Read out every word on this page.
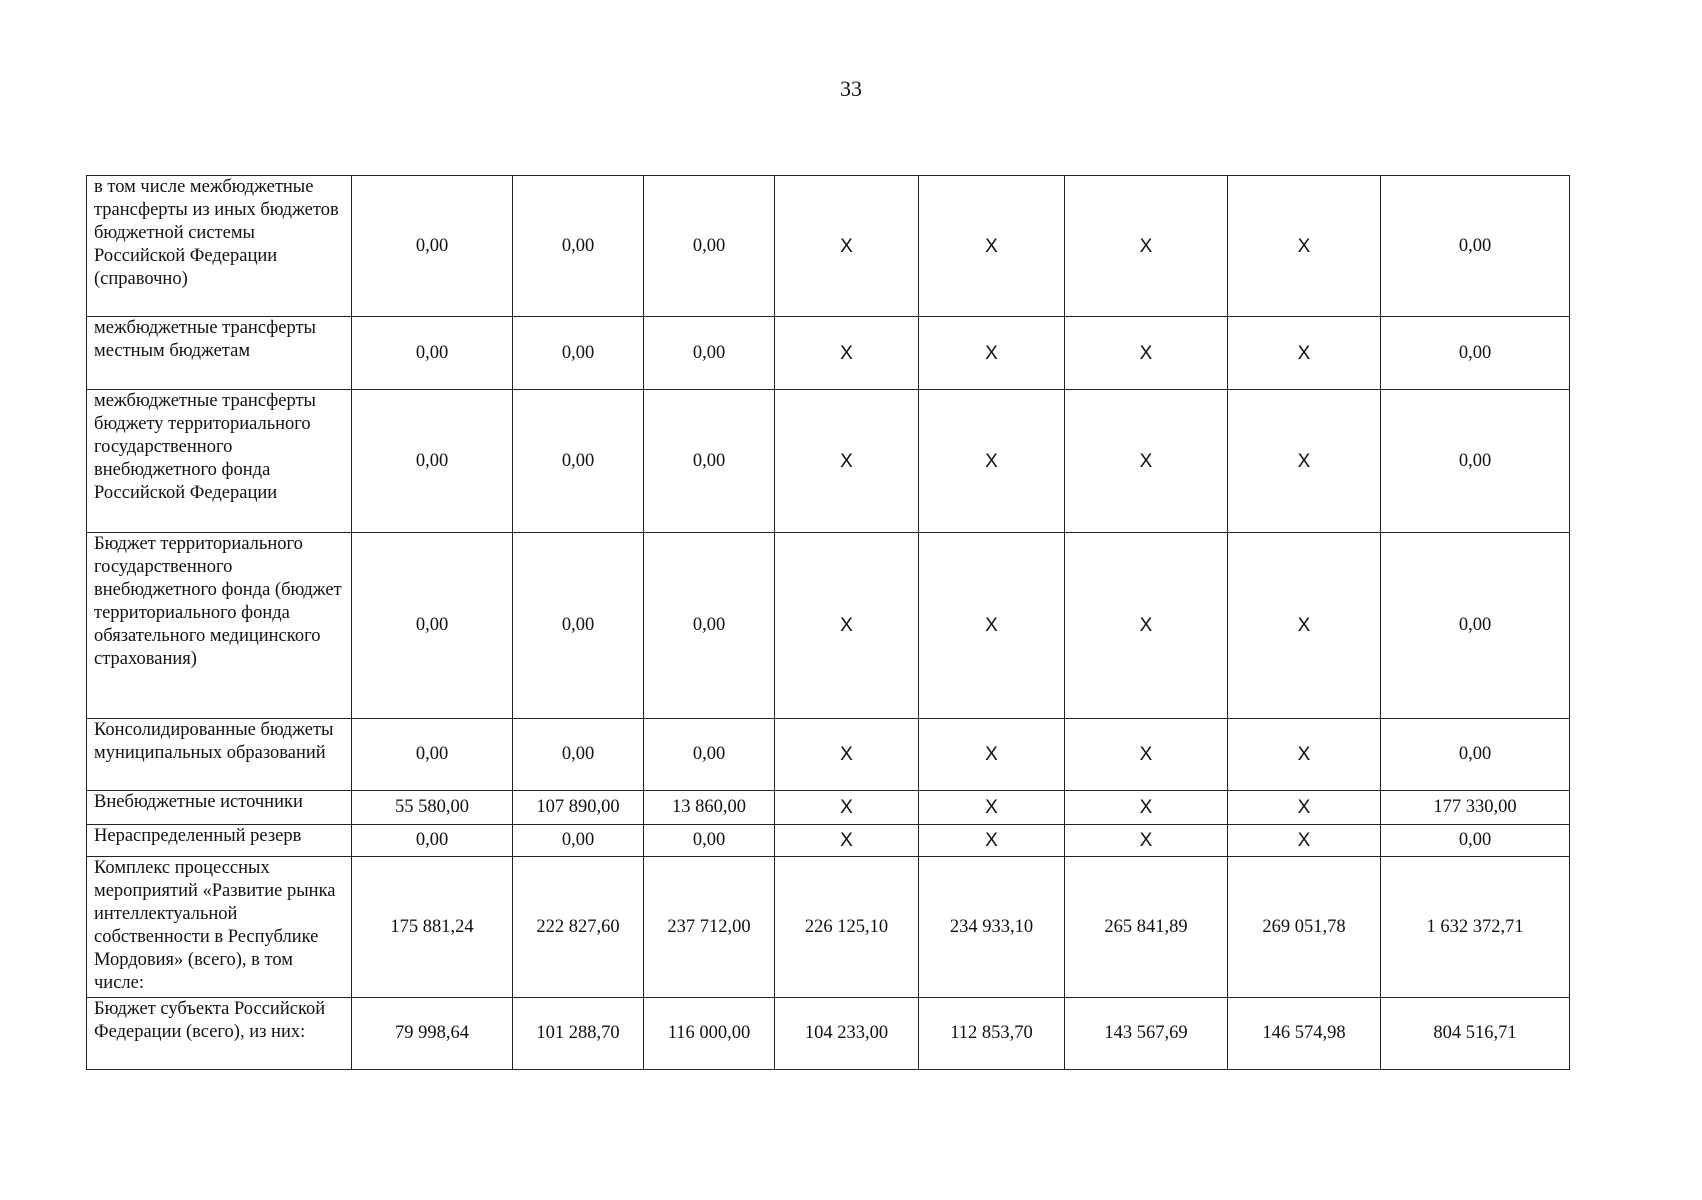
33
в том числе межбюджетные трансферты из иных бюджетов бюджетной системы Российской Федерации (справочно)	0,00	0,00	0,00	Х	Х	Х	Х	0,00
межбюджетные трансферты местным бюджетам	0,00	0,00	0,00	Х	Х	Х	Х	0,00
межбюджетные трансферты бюджету территориального государственного внебюджетного фонда Российской Федерации	0,00	0,00	0,00	Х	Х	Х	Х	0,00
Бюджет территориального государственного внебюджетного фонда (бюджет территориального фонда обязательного медицинского страхования)	0,00	0,00	0,00	Х	Х	Х	Х	0,00
Консолидированные бюджеты муниципальных образований	0,00	0,00	0,00	Х	Х	Х	Х	0,00
Внебюджетные источники	55 580,00	107 890,00	13 860,00	Х	Х	Х	Х	177 330,00
Нераспределенный резерв	0,00	0,00	0,00	Х	Х	Х	Х	0,00
Комплекс процессных мероприятий «Развитие рынка интеллектуальной собственности в Республике Мордовия» (всего), в том числе:	175 881,24	222 827,60	237 712,00	226 125,10	234 933,10	265 841,89	269 051,78	1 632 372,71
Бюджет субъекта Российской Федерации (всего), из них:	79 998,64	101 288,70	116 000,00	104 233,00	112 853,70	143 567,69	146 574,98	804 516,71
